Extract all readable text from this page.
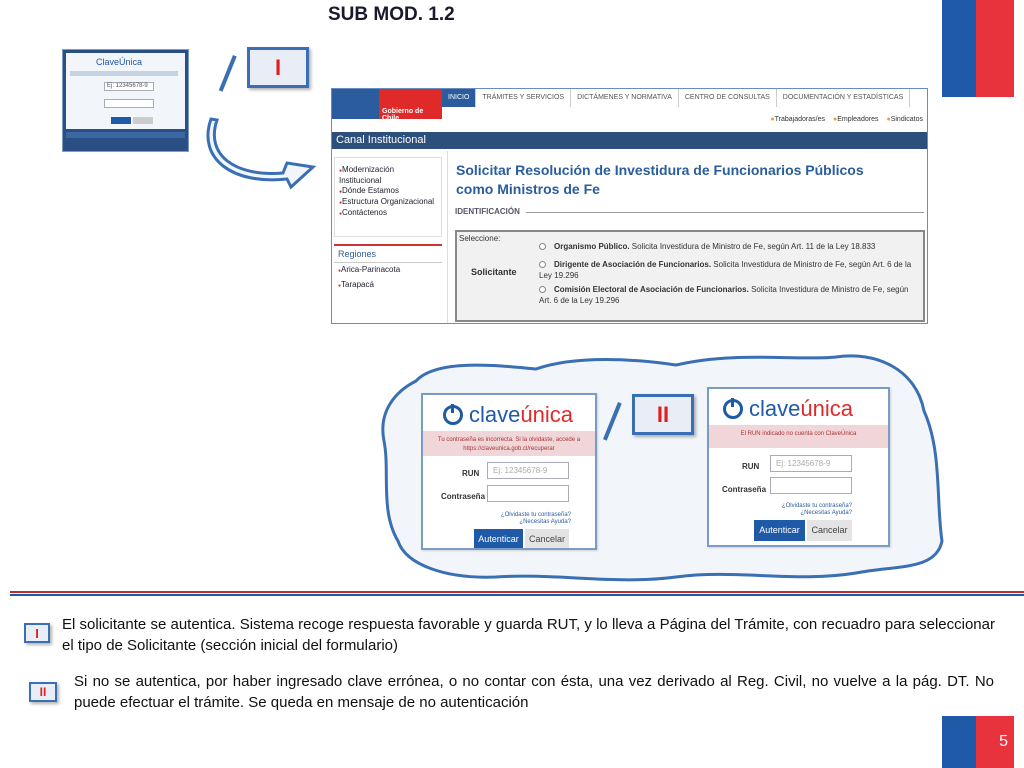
5
SUB MOD. 1.2
ClaveÚnica
Ej: 12345678-9
I
Gobierno de Chile
INICIO	TRÁMITES Y SERVICIOS	DICTÁMENES Y NORMATIVA	CENTRO DE CONSULTAS	DOCUMENTACIÓN Y ESTADÍSTICAS
● Trabajadoras/es	● Empleadores	● Sindicatos
Canal Institucional
● Modernización Institucional
● Dónde Estamos
● Estructura Organizacional
● Contáctenos
Regiones
● Arica-Parinacota
● Tarapacá
Solicitar Resolución de Investidura de Funcionarios Públicos como Ministros de Fe
IDENTIFICACIÓN
Seleccione:
Solicitante
Organismo Público. Solicita Investidura de Ministro de Fe, según Art. 11 de la Ley 18.833
Dirigente de Asociación de Funcionarios. Solicita Investidura de Ministro de Fe, según Art. 6 de la Ley 19.296
Comisión Electoral de Asociación de Funcionarios. Solicita Investidura de Ministro de Fe, según Art. 6 de la Ley 19.296
claveúnica
Tu contraseña es incorrecta. Si la olvidaste, accede a https://claveunica.gob.cl/recuperar
RUN	Ej: 12345678-9
Contraseña
¿Olvidaste tu contraseña?
¿Necesitas Ayuda?
Autenticar	Cancelar
II	claveúnica
El RUN indicado no cuenta con ClaveÚnica
RUN	Ej: 12345678-9
Contraseña
¿Olvidaste tu contraseña?
¿Necesitas Ayuda?
Autenticar	Cancelar
I	El solicitante se autentica. Sistema recoge respuesta favorable y guarda RUT, y lo lleva a Página del Trámite, con recuadro para seleccionar el tipo de Solicitante (sección inicial del formulario)
II
Si no se autentica, por haber ingresado clave errónea, o no contar con ésta, una vez derivado al Reg. Civil, no vuelve a la pág. DT. No puede efectuar el trámite. Se queda en mensaje de no autenticación
